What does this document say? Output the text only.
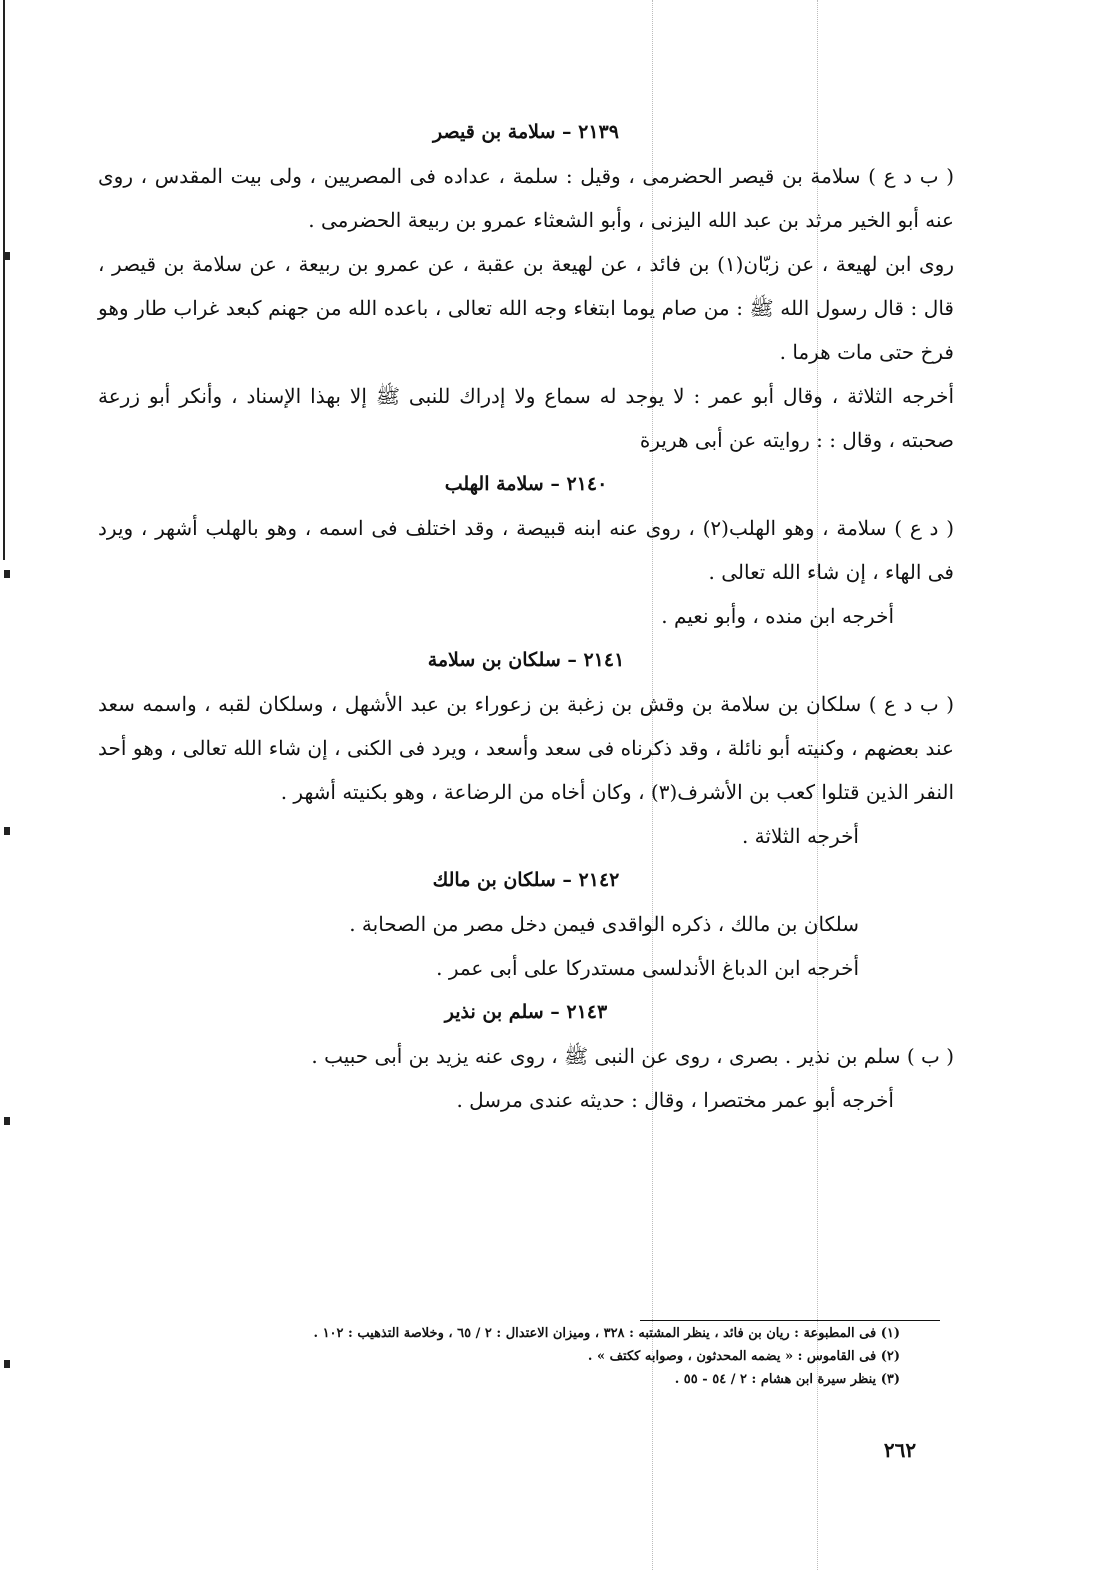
٢١٣٩ – سلامة بن قيصر

( ب د ع ) سلامة بن قيصر الحضرمى ، وقيل : سلمة ، عداده فى المصريين ، ولى بيت المقدس ، روى عنه أبو الخير مرثد بن عبد الله اليزنى ، وأبو الشعثاء عمرو بن ربيعة الحضرمى .

روى ابن لهيعة ، عن زبّان(١) بن فائد ، عن لهيعة بن عقبة ، عن عمرو بن ربيعة ، عن سلامة بن قيصر ، قال : قال رسول الله ﷺ : من صام يوما ابتغاء وجه الله تعالى ، باعده الله من جهنم كبعد غراب طار وهو فرخ حتى مات هرما .

أخرجه الثلاثة ، وقال أبو عمر : لا يوجد له سماع ولا إدراك للنبى ﷺ إلا بهذا الإسناد ، وأنكر أبو زرعة صحبته ، وقال : : روايته عن أبى هريرة

٢١٤٠ – سلامة الهلب

( د ع ) سلامة ، وهو الهلب(٢) ، روى عنه ابنه قبيصة ، وقد اختلف فى اسمه ، وهو بالهلب أشهر ، ويرد فى الهاء ، إن شاء الله تعالى .

أخرجه ابن منده ، وأبو نعيم .

٢١٤١ – سلكان بن سلامة

( ب د ع ) سلكان بن سلامة بن وقش بن زغبة بن زعوراء بن عبد الأشهل ، وسلكان لقبه ، واسمه سعد عند بعضهم ، وكنيته أبو نائلة ، وقد ذكرناه فى سعد وأسعد ، ويرد فى الكنى ، إن شاء الله تعالى ، وهو أحد النفر الذين قتلوا كعب بن الأشرف(٣) ، وكان أخاه من الرضاعة ، وهو بكنيته أشهر .

أخرجه الثلاثة .

٢١٤٢ – سلكان بن مالك

سلكان بن مالك ، ذكره الواقدى فيمن دخل مصر من الصحابة .

أخرجه ابن الدباغ الأندلسى مستدركا على أبى عمر .

٢١٤٣ – سلم بن نذير

( ب ) سلم بن نذير . بصرى ، روى عن النبى ﷺ ، روى عنه يزيد بن أبى حبيب .

أخرجه أبو عمر مختصرا ، وقال : حديثه عندى مرسل .

(١) فى المطبوعة : ريان بن فائد ، ينظر المشتبه : ٣٢٨ ، وميزان الاعتدال : ٢ / ٦٥ ، وخلاصة التذهيب : ١٠٢ .

(٢) فى القاموس : « يضمه المحدثون ، وصوابه ككتف » .

(٣) ينظر سيرة ابن هشام : ٢ / ٥٤ - ٥٥ .

٢٦٢
